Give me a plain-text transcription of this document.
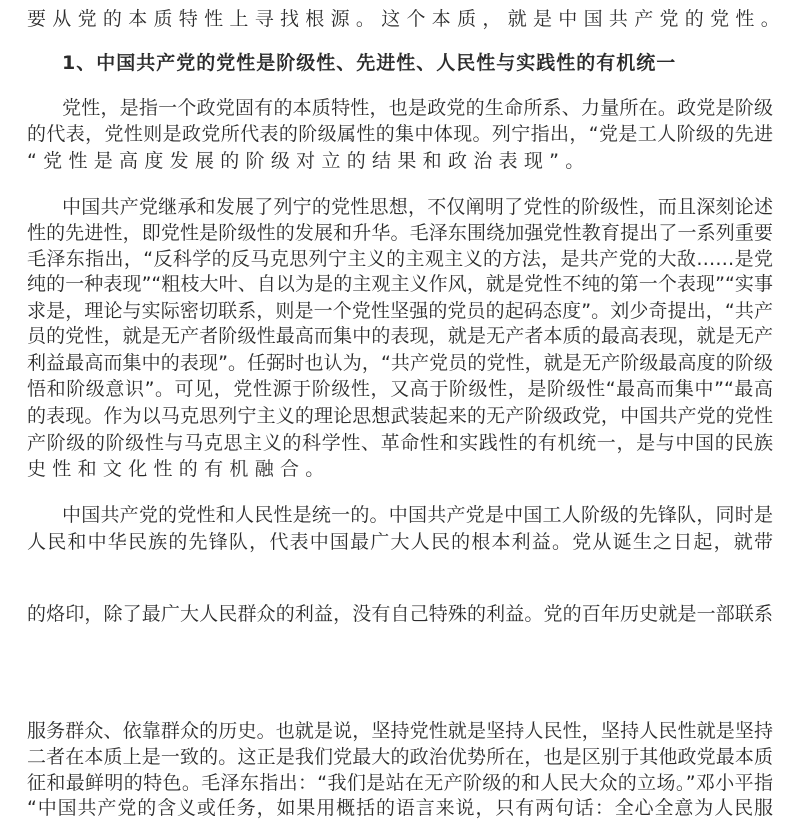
要从党的本质特性上寻找根源。这个本质，就是中国共产党的党性。
1、中国共产党的党性是阶级性、先进性、人民性与实践性的有机统一
党性，是指一个政党固有的本质特性，也是政党的生命所系、力量所在。政党是阶级
的代表，党性则是政党所代表的阶级属性的集中体现。列宁指出，“党是工人阶级的先进
“党性是高度发展的阶级对立的结果和政治表现”。
中国共产党继承和发展了列宁的党性思想，不仅阐明了党性的阶级性，而且深刻论述
性的先进性，即党性是阶级性的发展和升华。毛泽东围绕加强党性教育提出了一系列重要
毛泽东指出，“反科学的反马克思列宁主义的主观主义的方法，是共产党的大敌……是党
纯的一种表现”“粗枝大叶、自以为是的主观主义作风，就是党性不纯的第一个表现”“实事
求是，理论与实际密切联系，则是一个党性坚强的党员的起码态度”。刘少奇提出，“共产
员的党性，就是无产者阶级性最高而集中的表现，就是无产者本质的最高表现，就是无产
利益最高而集中的表现”。任弼时也认为，“共产党员的党性，就是无产阶级最高度的阶级
悟和阶级意识”。可见，党性源于阶级性，又高于阶级性，是阶级性“最高而集中”“最高
的表现。作为以马克思列宁主义的理论思想武装起来的无产阶级政党，中国共产党的党性
产阶级的阶级性与马克思主义的科学性、革命性和实践性的有机统一，是与中国的民族
史性和文化性的有机融合。
中国共产党的党性和人民性是统一的。中国共产党是中国工人阶级的先锋队，同时是
人民和中华民族的先锋队，代表中国最广大人民的根本利益。党从诞生之日起，就带
的烙印，除了最广大人民群众的利益，没有自己特殊的利益。党的百年历史就是一部联系
服务群众、依靠群众的历史。也就是说，坚持党性就是坚持人民性，坚持人民性就是坚持
二者在本质上是一致的。这正是我们党最大的政治优势所在，也是区别于其他政党最本质
征和最鲜明的特色。毛泽东指出：“我们是站在无产阶级的和人民大众的立场。”邓小平指
“中国共产党的含义或任务，如果用概括的语言来说，只有两句话：全心全意为人民服
